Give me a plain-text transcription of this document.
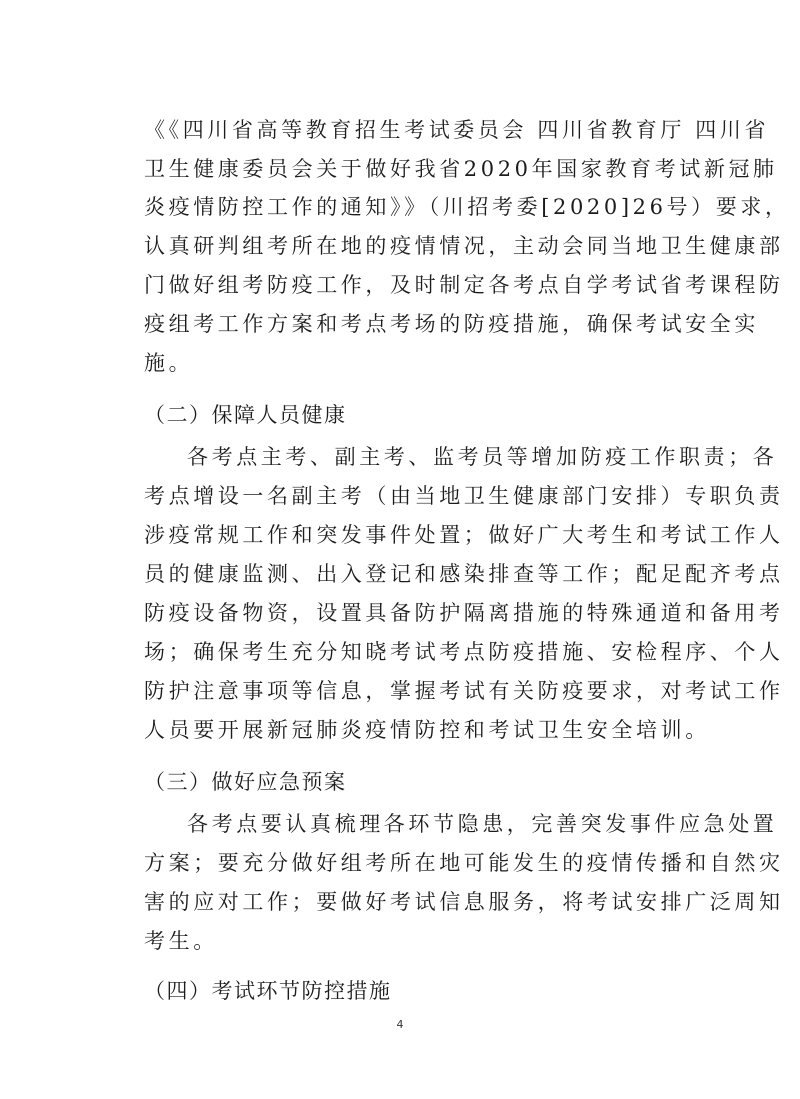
《《四川省高等教育招生考试委员会 四川省教育厅 四川省
卫生健康委员会关于做好我省2020年国家教育考试新冠肺
炎疫情防控工作的通知》》（川招考委[2020]26号）要求，
认真研判组考所在地的疫情情况，主动会同当地卫生健康部
门做好组考防疫工作，及时制定各考点自学考试省考课程防
疫组考工作方案和考点考场的防疫措施，确保考试安全实
施。
（二）保障人员健康
各考点主考、副主考、监考员等增加防疫工作职责；各
考点增设一名副主考（由当地卫生健康部门安排）专职负责
涉疫常规工作和突发事件处置；做好广大考生和考试工作人
员的健康监测、出入登记和感染排查等工作；配足配齐考点
防疫设备物资，设置具备防护隔离措施的特殊通道和备用考
场；确保考生充分知晓考试考点防疫措施、安检程序、个人
防护注意事项等信息，掌握考试有关防疫要求，对考试工作
人员要开展新冠肺炎疫情防控和考试卫生安全培训。
（三）做好应急预案
各考点要认真梳理各环节隐患，完善突发事件应急处置
方案；要充分做好组考所在地可能发生的疫情传播和自然灾
害的应对工作；要做好考试信息服务，将考试安排广泛周知
考生。
（四）考试环节防控措施
4
